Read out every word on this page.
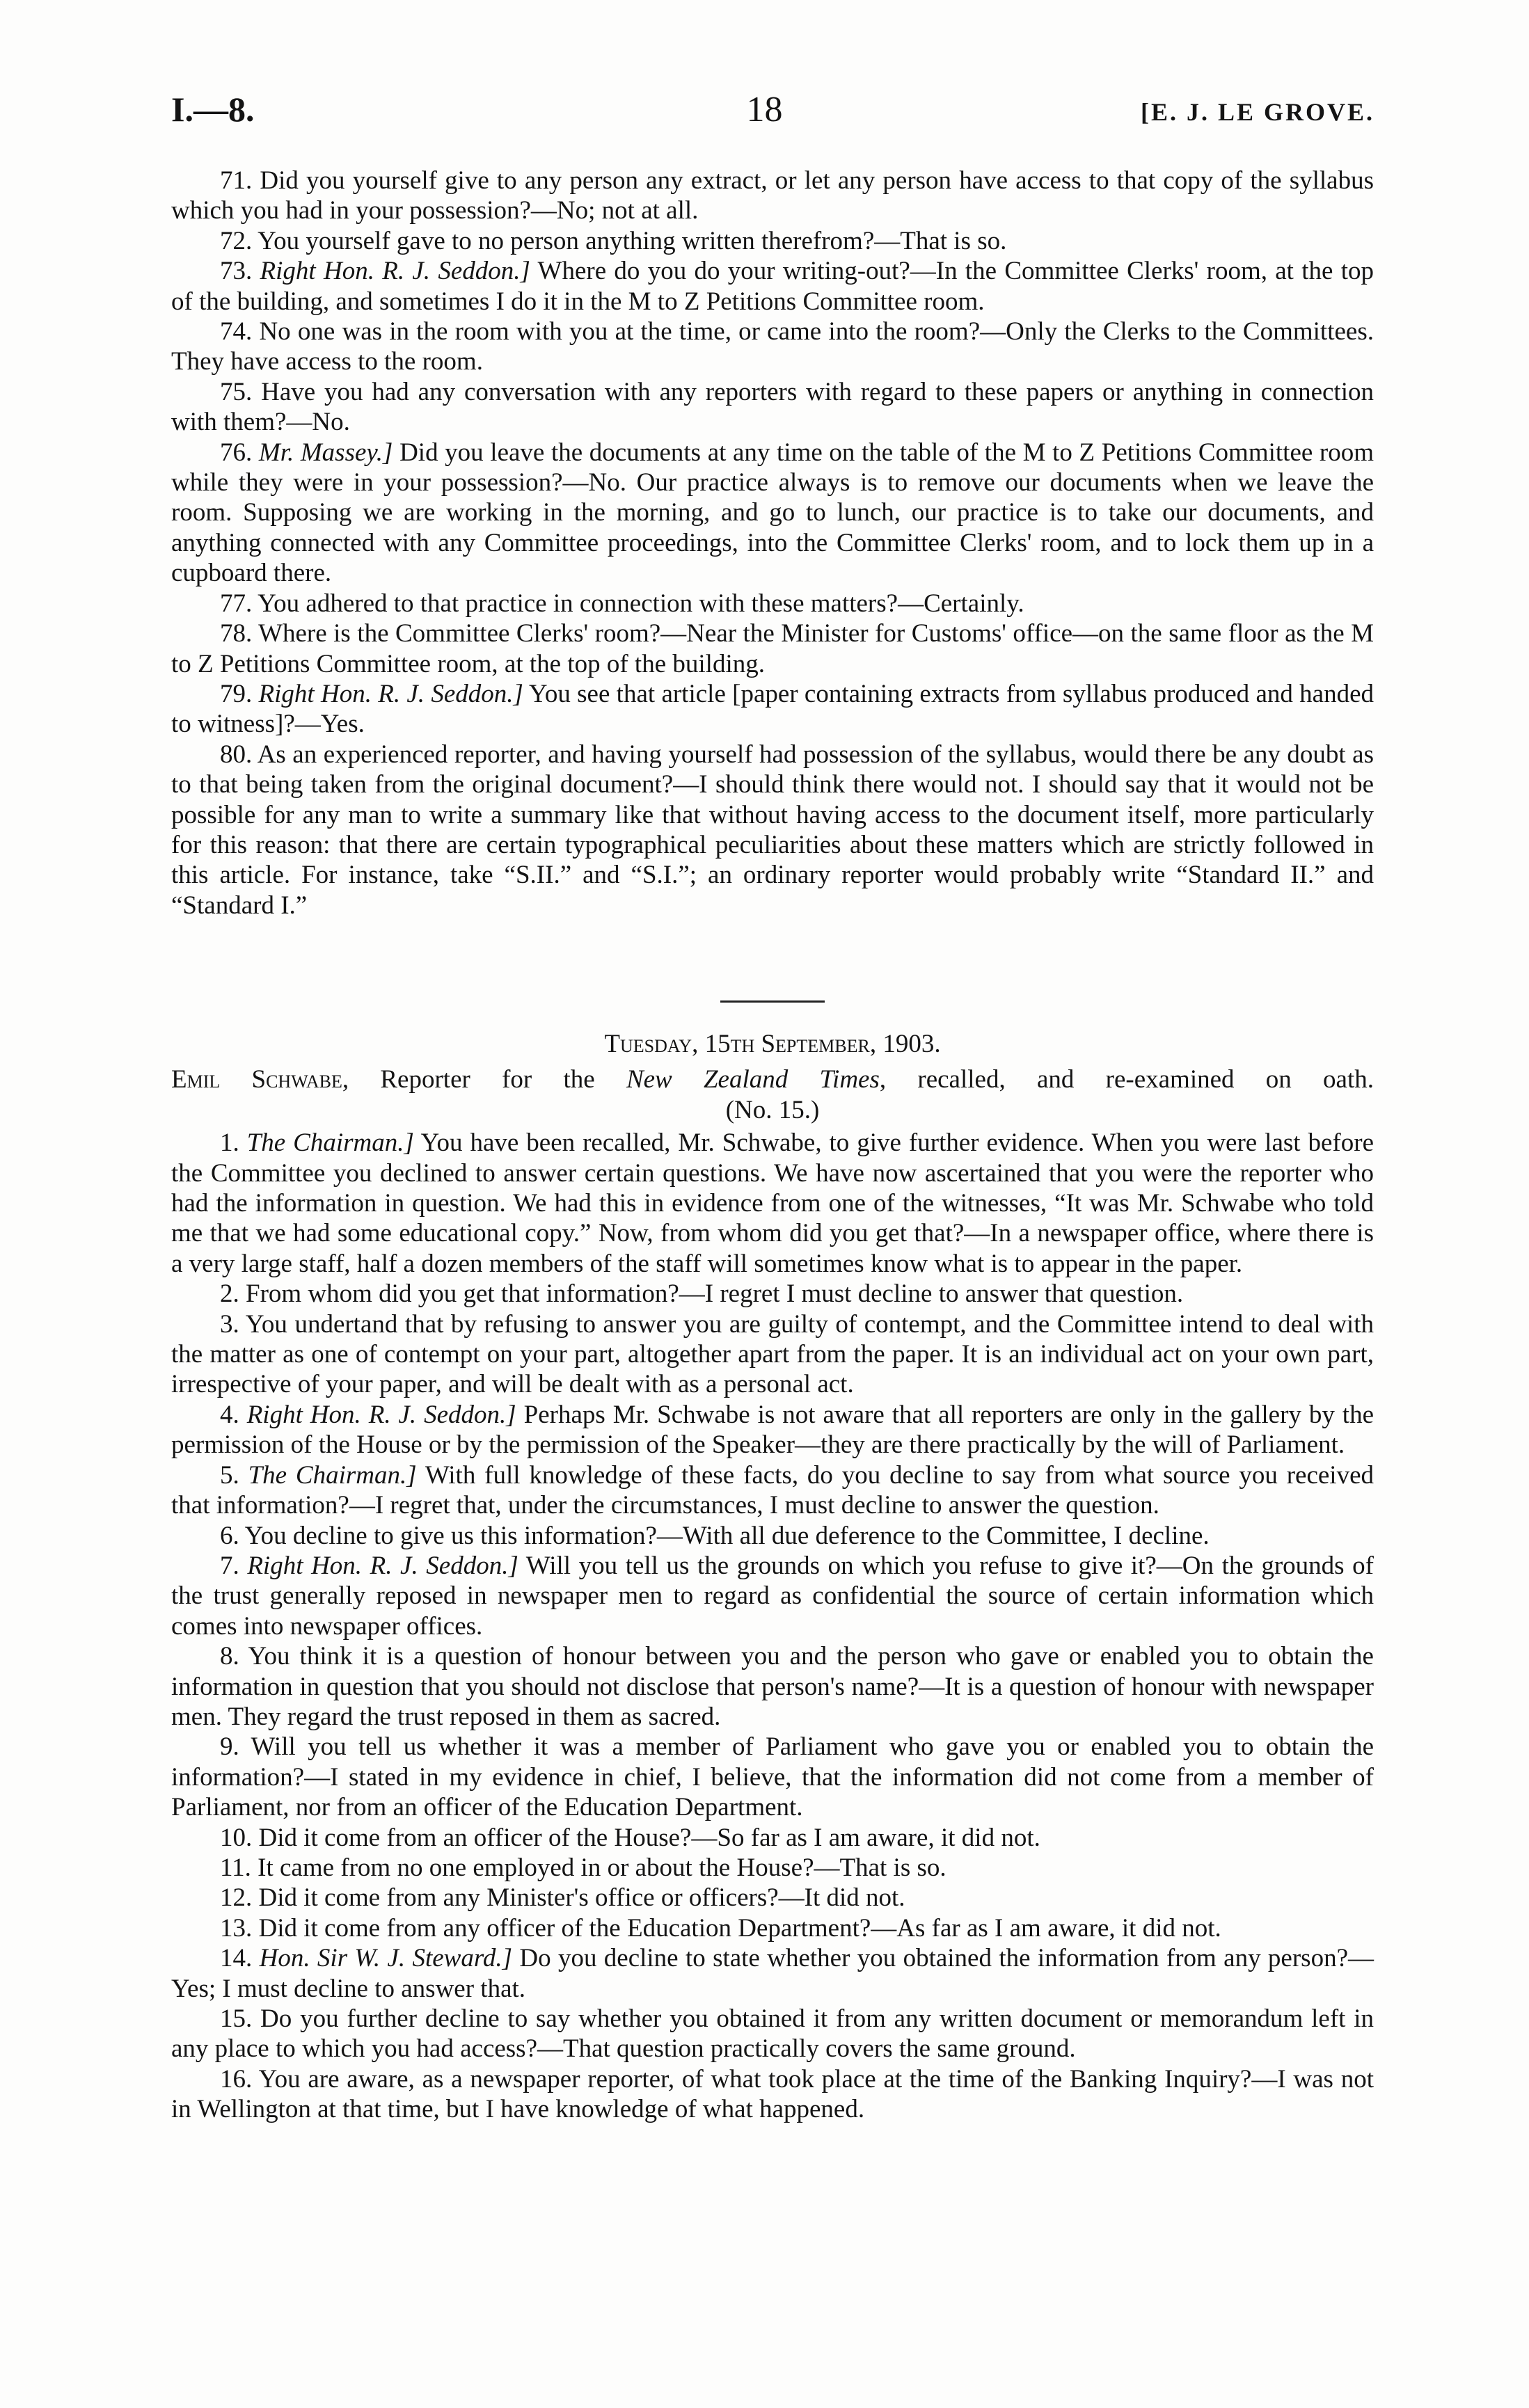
I.—8.	18	[E. J. LE GROVE.

71. Did you yourself give to any person any extract, or let any person have access to that copy of the syllabus which you had in your possession?—No; not at all.

72. You yourself gave to no person anything written therefrom?—That is so.

73. Right Hon. R. J. Seddon.] Where do you do your writing-out?—In the Committee Clerks' room, at the top of the building, and sometimes I do it in the M to Z Petitions Committee room.

74. No one was in the room with you at the time, or came into the room?—Only the Clerks to the Committees. They have access to the room.

75. Have you had any conversation with any reporters with regard to these papers or anything in connection with them?—No.

76. Mr. Massey.] Did you leave the documents at any time on the table of the M to Z Petitions Committee room while they were in your possession?—No. Our practice always is to remove our documents when we leave the room. Supposing we are working in the morning, and go to lunch, our practice is to take our documents, and anything connected with any Committee proceedings, into the Committee Clerks' room, and to lock them up in a cupboard there.

77. You adhered to that practice in connection with these matters?—Certainly.

78. Where is the Committee Clerks' room?—Near the Minister for Customs' office—on the same floor as the M to Z Petitions Committee room, at the top of the building.

79. Right Hon. R. J. Seddon.] You see that article [paper containing extracts from syllabus produced and handed to witness]?—Yes.

80. As an experienced reporter, and having yourself had possession of the syllabus, would there be any doubt as to that being taken from the original document?—I should think there would not. I should say that it would not be possible for any man to write a summary like that without having access to the document itself, more particularly for this reason: that there are certain typographical peculiarities about these matters which are strictly followed in this article. For instance, take “S.II.” and “S.I.”; an ordinary reporter would probably write “Standard II.” and “Standard I.”

Tuesday, 15th September, 1903.

Emil Schwabe, Reporter for the New Zealand Times, recalled, and re-examined on oath.

(No. 15.)

1. The Chairman.] You have been recalled, Mr. Schwabe, to give further evidence. When you were last before the Committee you declined to answer certain questions. We have now ascertained that you were the reporter who had the information in question. We had this in evidence from one of the witnesses, “It was Mr. Schwabe who told me that we had some educational copy.” Now, from whom did you get that?—In a newspaper office, where there is a very large staff, half a dozen members of the staff will sometimes know what is to appear in the paper.

2. From whom did you get that information?—I regret I must decline to answer that question.

3. You undertand that by refusing to answer you are guilty of contempt, and the Committee intend to deal with the matter as one of contempt on your part, altogether apart from the paper. It is an individual act on your own part, irrespective of your paper, and will be dealt with as a personal act.

4. Right Hon. R. J. Seddon.] Perhaps Mr. Schwabe is not aware that all reporters are only in the gallery by the permission of the House or by the permission of the Speaker—they are there practically by the will of Parliament.

5. The Chairman.] With full knowledge of these facts, do you decline to say from what source you received that information?—I regret that, under the circumstances, I must decline to answer the question.

6. You decline to give us this information?—With all due deference to the Committee, I decline.

7. Right Hon. R. J. Seddon.] Will you tell us the grounds on which you refuse to give it?—On the grounds of the trust generally reposed in newspaper men to regard as confidential the source of certain information which comes into newspaper offices.

8. You think it is a question of honour between you and the person who gave or enabled you to obtain the information in question that you should not disclose that person's name?—It is a question of honour with newspaper men. They regard the trust reposed in them as sacred.

9. Will you tell us whether it was a member of Parliament who gave you or enabled you to obtain the information?—I stated in my evidence in chief, I believe, that the information did not come from a member of Parliament, nor from an officer of the Education Department.

10. Did it come from an officer of the House?—So far as I am aware, it did not.

11. It came from no one employed in or about the House?—That is so.

12. Did it come from any Minister's office or officers?—It did not.

13. Did it come from any officer of the Education Department?—As far as I am aware, it did not.

14. Hon. Sir W. J. Steward.] Do you decline to state whether you obtained the information from any person?—Yes; I must decline to answer that.

15. Do you further decline to say whether you obtained it from any written document or memorandum left in any place to which you had access?—That question practically covers the same ground.

16. You are aware, as a newspaper reporter, of what took place at the time of the Banking Inquiry?—I was not in Wellington at that time, but I have knowledge of what happened.
